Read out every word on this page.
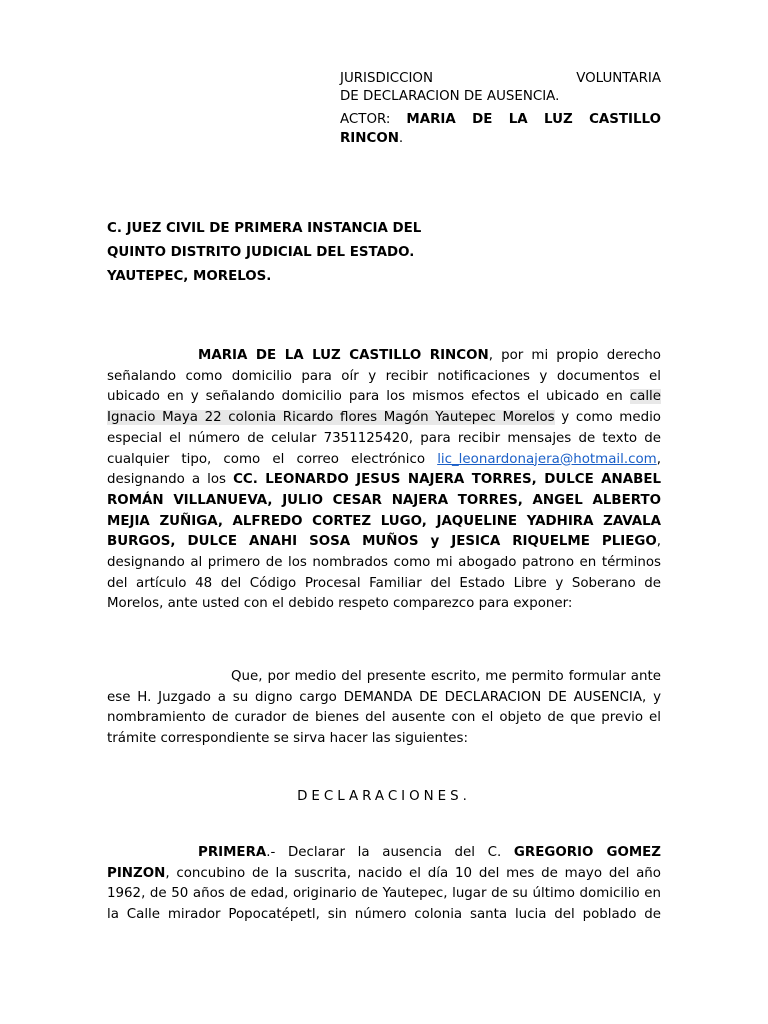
JURISDICCION	VOLUNTARIA
DE DECLARACION DE AUSENCIA.
ACTOR: MARIA DE LA LUZ CASTILLO RINCON.
C. JUEZ CIVIL DE PRIMERA INSTANCIA DEL
QUINTO DISTRITO JUDICIAL DEL ESTADO.
YAUTEPEC, MORELOS.
MARIA DE LA LUZ CASTILLO RINCON, por mi propio derecho señalando como domicilio para oír y recibir notificaciones y documentos el ubicado en y señalando domicilio para los mismos efectos el ubicado en calle Ignacio Maya 22 colonia Ricardo flores Magón Yautepec Morelos y como medio especial el número de celular 7351125420, para recibir mensajes de texto de cualquier tipo, como el correo electrónico lic_leonardonajera@hotmail.com, designando a los CC. LEONARDO JESUS NAJERA TORRES, DULCE ANABEL ROMÁN VILLANUEVA, JULIO CESAR NAJERA TORRES, ANGEL ALBERTO MEJIA ZUÑIGA, ALFREDO CORTEZ LUGO, JAQUELINE YADHIRA ZAVALA BURGOS, DULCE ANAHI SOSA MUÑOS y JESICA RIQUELME PLIEGO, designando al primero de los nombrados como mi abogado patrono en términos del artículo 48 del Código Procesal Familiar del Estado Libre y Soberano de Morelos, ante usted con el debido respeto comparezco para exponer:
Que, por medio del presente escrito, me permito formular ante ese H. Juzgado a su digno cargo DEMANDA DE DECLARACION DE AUSENCIA, y nombramiento de curador de bienes del ausente con el objeto de que previo el trámite correspondiente se sirva hacer las siguientes:
DECLARACIONES.
PRIMERA.- Declarar la ausencia del C. GREGORIO GOMEZ PINZON, concubino de la suscrita, nacido el día 10 del mes de mayo del año 1962, de 50 años de edad, originario de Yautepec, lugar de su último domicilio en la Calle mirador Popocatépetl, sin número colonia santa lucia del poblado de
